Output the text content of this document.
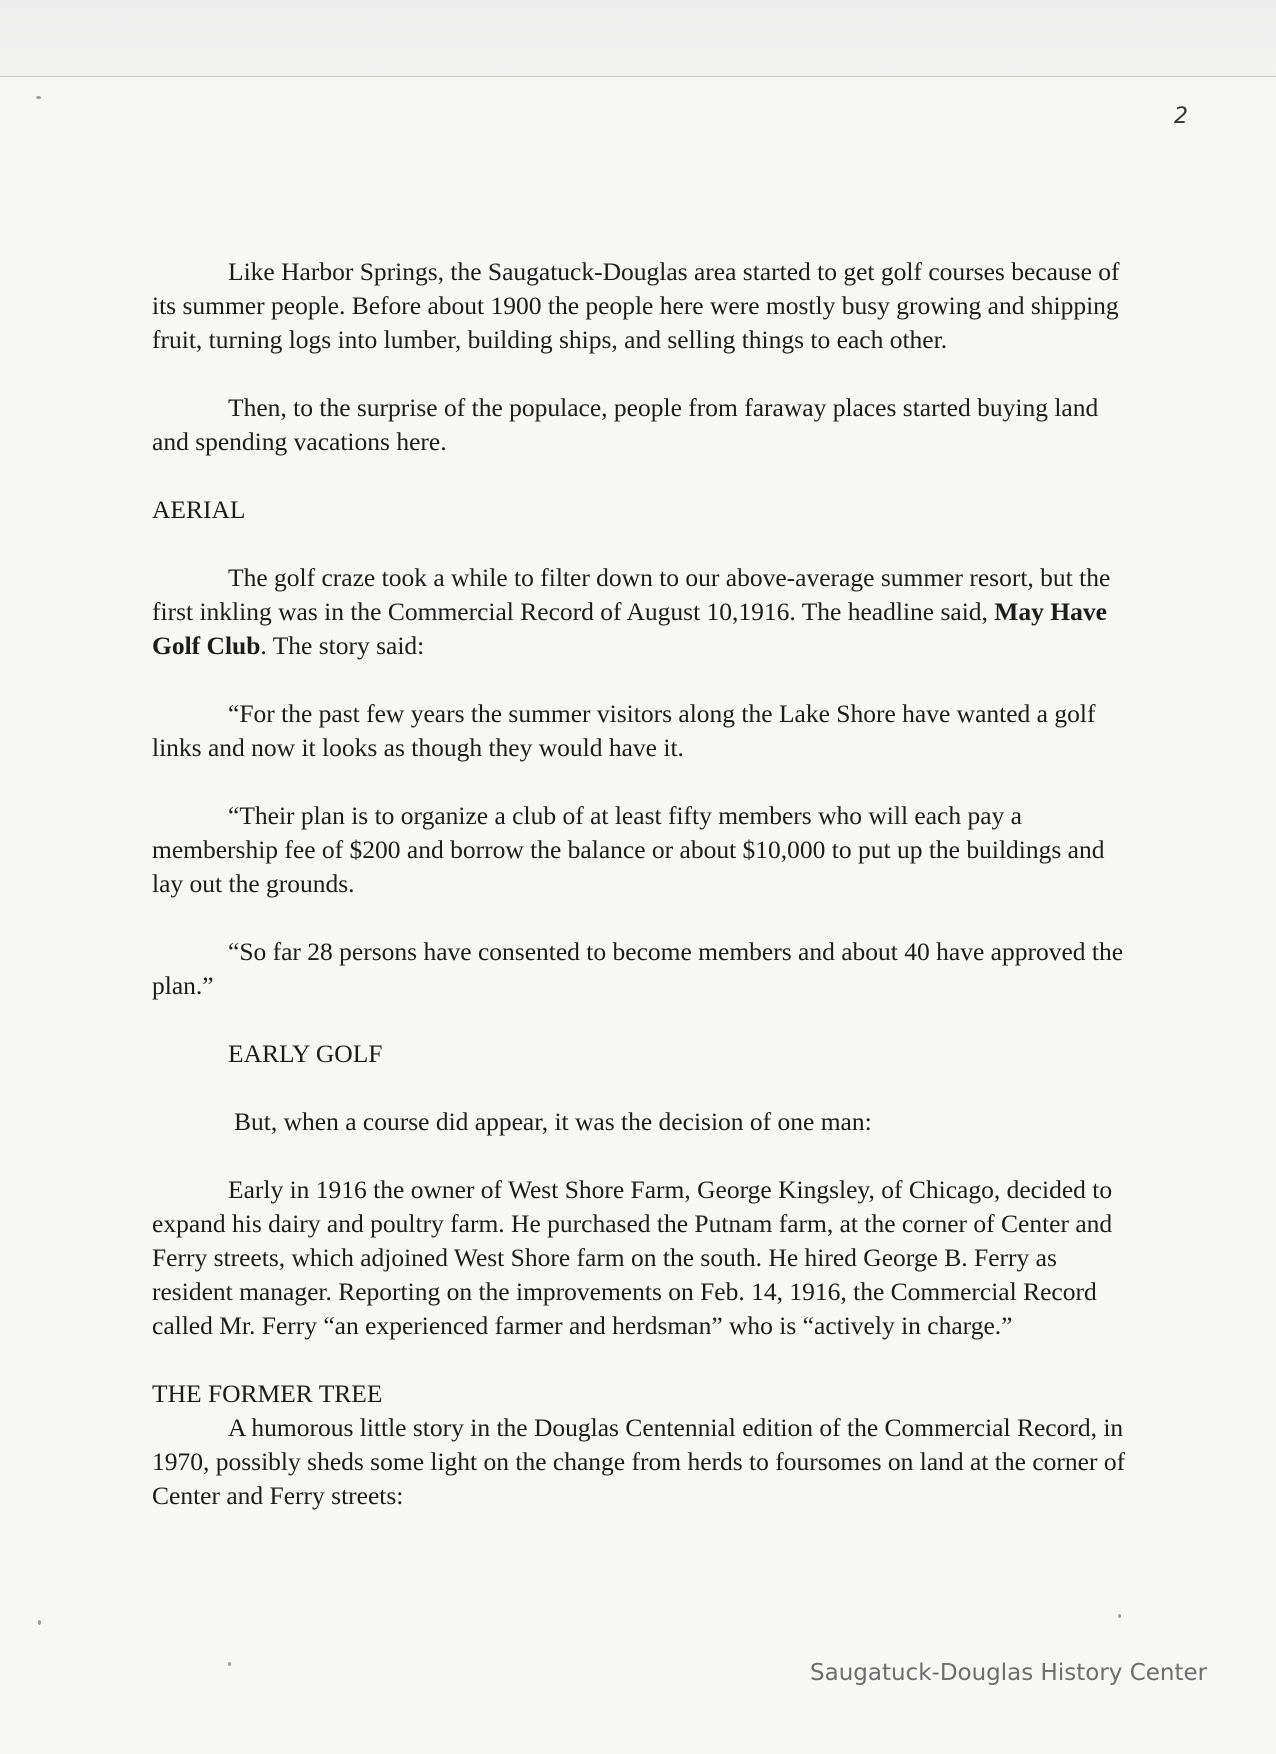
2

Like Harbor Springs, the Saugatuck-Douglas area started to get golf courses because of its summer people. Before about 1900 the people here were mostly busy growing and shipping fruit, turning logs into lumber, building ships, and selling things to each other.

Then, to the surprise of the populace, people from faraway places started buying land and spending vacations here.

AERIAL

The golf craze took a while to filter down to our above-average summer resort, but the first inkling was in the Commercial Record of August 10,1916. The headline said, May Have Golf Club. The story said:

“For the past few years the summer visitors along the Lake Shore have wanted a golf links and now it looks as though they would have it.

“Their plan is to organize a club of at least fifty members who will each pay a membership fee of $200 and borrow the balance or about $10,000 to put up the buildings and lay out the grounds.

“So far 28 persons have consented to become members and about 40 have approved the plan.”

EARLY GOLF

But, when a course did appear, it was the decision of one man:

Early in 1916 the owner of West Shore Farm, George Kingsley, of Chicago, decided to expand his dairy and poultry farm. He purchased the Putnam farm, at the corner of Center and Ferry streets, which adjoined West Shore farm on the south. He hired George B. Ferry as resident manager. Reporting on the improvements on Feb. 14, 1916, the Commercial Record called Mr. Ferry “an experienced farmer and herdsman” who is “actively in charge.”

THE FORMER TREE

A humorous little story in the Douglas Centennial edition of the Commercial Record, in 1970, possibly sheds some light on the change from herds to foursomes on land at the corner of Center and Ferry streets:

Saugatuck-Douglas History Center
